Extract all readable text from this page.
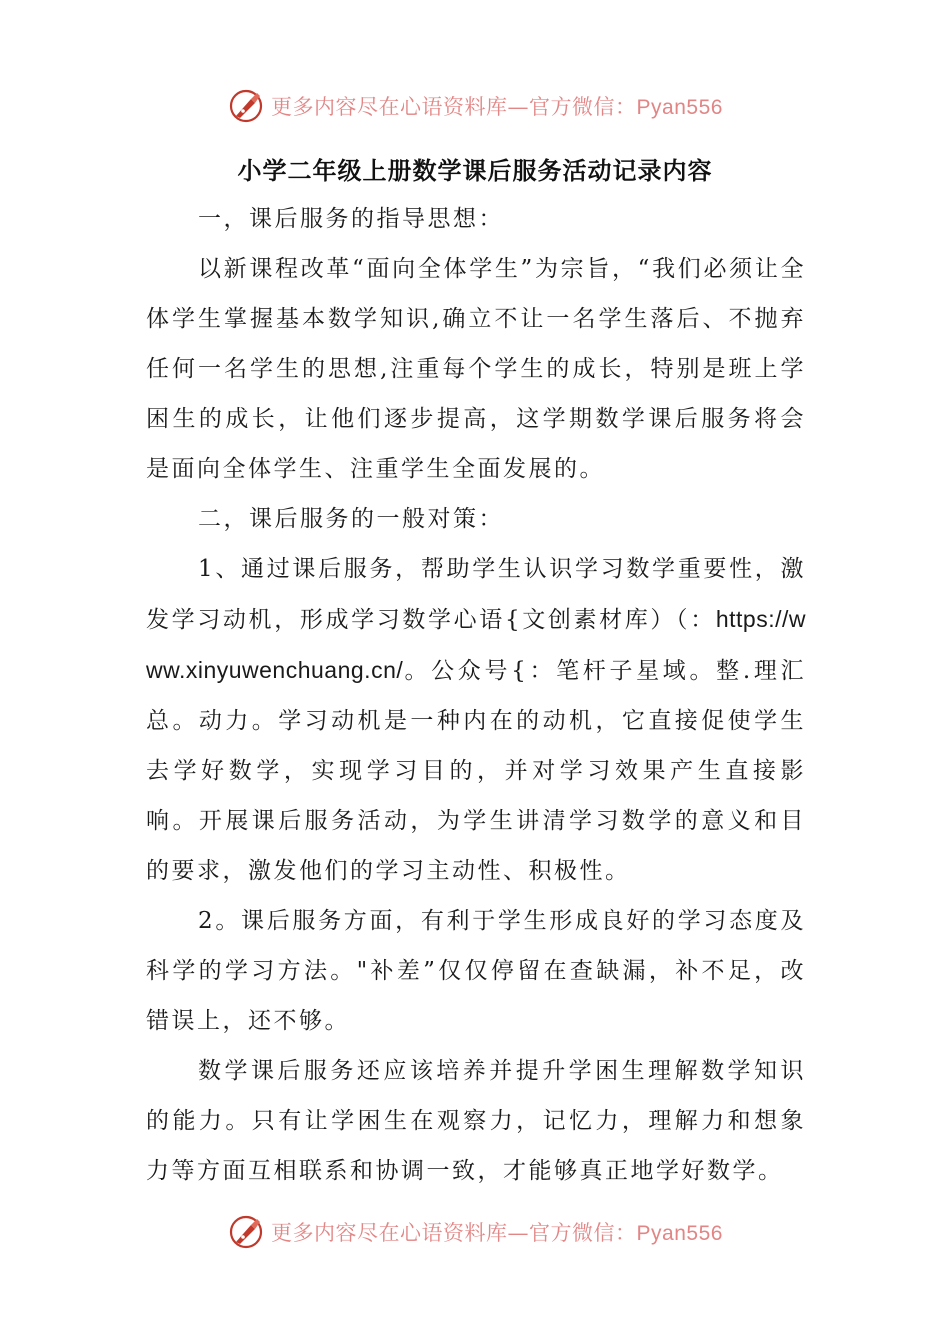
更多内容尽在心语资料库—官方微信：Pyan556
小学二年级上册数学课后服务活动记录内容

一，课后服务的指导思想：

以新课程改革“面向全体学生”为宗旨，“我们必须让全体学生掌握基本数学知识,确立不让一名学生落后、不抛弃任何一名学生的思想,注重每个学生的成长，特别是班上学困生的成长，让他们逐步提高，这学期数学课后服务将会是面向全体学生、注重学生全面发展的。

二，课后服务的一般对策：

1、通过课后服务，帮助学生认识学习数学重要性，激发学习动机，形成学习数学心语{文创素材库）（：https://www.xinyuwenchuang.cn/。公众号{：笔杆子星域。整.理汇总。动力。学习动机是一种内在的动机，它直接促使学生去学好数学，实现学习目的，并对学习效果产生直接影响。开展课后服务活动，为学生讲清学习数学的意义和目的要求，激发他们的学习主动性、积极性。

2。课后服务方面，有利于学生形成良好的学习态度及科学的学习方法。"补差”仅仅停留在查缺漏，补不足，改错误上，还不够。

数学课后服务还应该培养并提升学困生理解数学知识的能力。只有让学困生在观察力，记忆力，理解力和想象力等方面互相联系和协调一致，才能够真正地学好数学。

更多内容尽在心语资料库—官方微信：Pyan556
